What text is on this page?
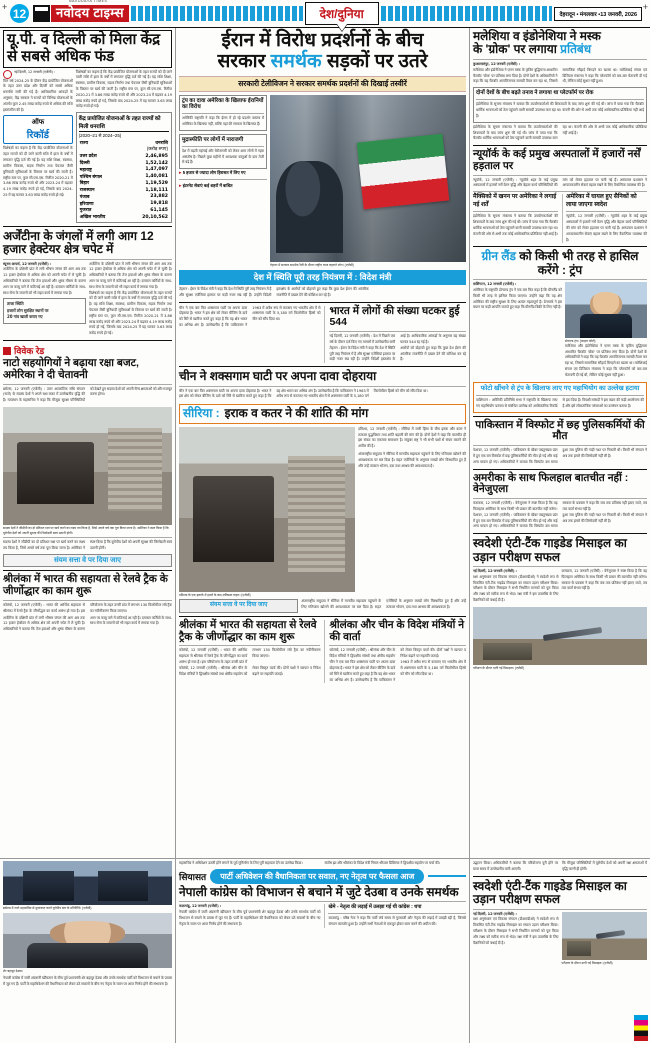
+ 12	नवोदय टाइम्स
NAVODAYA TIMES
देश/दुनिया	देहरादून • मंगलवार •13 जनवरी, 2026
+
यू.पी. व दिल्ली को मिला केंद्र से सबसे अधिक फंड
नई दिल्ली, 12 जनवरी (एजेंसी) :
वित्त वर्ष 2024-25 के दौरान केंद्र प्रायोजित योजनाओं के तहत उत्तर प्रदेश और दिल्ली को सबसे अधिक धनराशि जारी की गई है। आधिकारिक आंकड़ों के अनुसार, केंद्र सरकार ने राज्यों को विभिन्न योजनाओं के अंतर्गत कुल 2.45 लाख करोड़ रुपये से अधिक की राशि हस्तांतरित की है।
ऑफ
रिकॉर्ड
विशेषज्ञों का कहना है कि केंद्र प्रायोजित योजनाओं के तहत राज्यों को दी जाने वाली राशि में हाल के वर्षों में लगातार वृद्धि दर्ज की गई है। यह राशि शिक्षा, स्वास्थ्य, ग्रामीण विकास, सड़क निर्माण तथा पेयजल जैसी बुनियादी सुविधाओं के विस्तार पर खर्च की जाती है। राष्ट्रीय स्तर पर, कुल सी.एस.एस. रिलीज 2020-21 में 3.86 लाख करोड़ रुपये थी और 2023-24 में बढ़कर 4.19 लाख करोड़ रुपये हो गई, जिसके बाद 2024-25 में यह घटकर 3.63 लाख करोड़ रुपये हो गई।
विशेषज्ञों का कहना है कि केंद्र प्रायोजित योजनाओं के तहत राज्यों को दी जाने वाली राशि में हाल के वर्षों में लगातार वृद्धि दर्ज की गई है। यह राशि शिक्षा, स्वास्थ्य, ग्रामीण विकास, सड़क निर्माण तथा पेयजल जैसी बुनियादी सुविधाओं के विस्तार पर खर्च की जाती है। राष्ट्रीय स्तर पर, कुल सी.एस.एस. रिलीज 2020-21 में 3.86 लाख करोड़ रुपये थी और 2023-24 में बढ़कर 4.19 लाख करोड़ रुपये हो गई, जिसके बाद 2024-25 में यह घटकर 3.63 लाख करोड़ रुपये हो गई।
केंद्र प्रायोजित योजनाओं के तहत राज्यों को मिली धनराशि
(2020–21 से 2024–25)
राज्य	धनराशि
	(करोड़ रुपए)
उत्तर प्रदेश	2,46,895
दिल्ली	1,52,142
महाराष्ट्र	1,47,097
पश्चिम बंगाल	1,40,081
बिहार	1,19,529
राजस्थान	1,18,111
पंजाब	23,882
हरियाणा	19,818
गुजरात	61,145
अखिल भारतीय	20,10,562
अर्जेंटीना के जंगलों में लगी आग 12 हजार हेक्टेयर क्षेत्र चपेट में
ब्यूनस आयर्स, 12 जनवरी (एजेंसी) :
अर्जेंटीना के दक्षिणी प्रांत में लगी भीषण जंगल की आग अब तक 12 हजार हेक्टेयर से अधिक क्षेत्र को अपनी चपेट में ले चुकी है। अधिकारियों ने बताया कि तेज हवाओं और शुष्क मौसम के कारण आग पर काबू पाने में कठिनाई आ रही है। दमकल कर्मियों के साथ-साथ सेना के जवानों को भी राहत कार्य में लगाया गया है।
ताजा स्थिति
हजारों लोग सुरक्षित स्थानों पर
20 गांव खाली कराए गए
अर्जेंटीना के दक्षिणी प्रांत में लगी भीषण जंगल की आग अब तक 12 हजार हेक्टेयर से अधिक क्षेत्र को अपनी चपेट में ले चुकी है। अधिकारियों ने बताया कि तेज हवाओं और शुष्क मौसम के कारण आग पर काबू पाने में कठिनाई आ रही है। दमकल कर्मियों के साथ-साथ सेना के जवानों को भी राहत कार्य में लगाया गया है।
विशेषज्ञों का कहना है कि केंद्र प्रायोजित योजनाओं के तहत राज्यों को दी जाने वाली राशि में हाल के वर्षों में लगातार वृद्धि दर्ज की गई है। यह राशि शिक्षा, स्वास्थ्य, ग्रामीण विकास, सड़क निर्माण तथा पेयजल जैसी बुनियादी सुविधाओं के विस्तार पर खर्च की जाती है। राष्ट्रीय स्तर पर, कुल सी.एस.एस. रिलीज 2020-21 में 3.86 लाख करोड़ रुपये थी और 2023-24 में बढ़कर 4.19 लाख करोड़ रुपये हो गई, जिसके बाद 2024-25 में यह घटकर 3.63 लाख करोड़ रुपये हो गई।
विवेक रेड
नाटो सहयोगियों ने बढ़ाया रक्षा बजट, अमेरिका ने दी चेतावनी
ब्रसेल्स, 12 जनवरी (एजेंसी) : उत्तर अटलांटिक संधि संगठन (नाटो) के सदस्य देशों ने अपने रक्षा बजट में उल्लेखनीय वृद्धि की है। गठबंधन के महासचिव ने कहा कि मौजूदा सुरक्षा परिस्थितियों को देखते हुए सदस्य देशों को अपनी सैन्य क्षमताओं को और मजबूत करना होगा।
सदस्य देशों ने जीडीपी का दो प्रतिशत रक्षा पर खर्च करने का लक्ष्य तय किया है, जिसे अगले वर्ष तक पूरा किया जाना है। अमेरिका ने स्पष्ट किया है कि यूरोपीय देशों को अपनी सुरक्षा की जिम्मेदारी स्वयं उठानी होगी।
सदस्य देशों ने जीडीपी का दो प्रतिशत रक्षा पर खर्च करने का लक्ष्य तय किया है, जिसे अगले वर्ष तक पूरा किया जाना है। अमेरिका ने स्पष्ट किया है कि यूरोपीय देशों को अपनी सुरक्षा की जिम्मेदारी स्वयं उठानी होगी।
संयम सत्ता वे पर दिया जाए
श्रीलंका में भारत की सहायता से रेलवे ट्रैक के जीर्णोद्धार का काम शुरू
कोलंबो, 12 जनवरी (एजेंसी) : भारत की आर्थिक सहायता से श्रीलंका में रेलवे ट्रैक के जीर्णोद्धार का कार्य आरंभ हो गया है। इस परियोजना के तहत उत्तरी प्रांत में लगभग 130 किलोमीटर लंबे ट्रैक का नवीनीकरण किया जाएगा।
अर्जेंटीना के दक्षिणी प्रांत में लगी भीषण जंगल की आग अब तक 12 हजार हेक्टेयर से अधिक क्षेत्र को अपनी चपेट में ले चुकी है। अधिकारियों ने बताया कि तेज हवाओं और शुष्क मौसम के कारण आग पर काबू पाने में कठिनाई आ रही है। दमकल कर्मियों के साथ-साथ सेना के जवानों को भी राहत कार्य में लगाया गया है।
ईरान में विरोध प्रदर्शनों के बीच
सरकार समर्थक सड़कों पर उतरे
सरकारी टेलीविजन ने सरकार समर्थक प्रदर्शनों की दिखाई तस्वीरें
ट्रंप का दावा अमेरिका के खिलाफ ईरानियों का विरोध
अमेरिकी राष्ट्रपति ने कहा कि ईरान में हो रहे प्रदर्शन वास्तव में अमेरिका के खिलाफ नहीं, बल्कि वहां की सरकार के खिलाफ हैं।
मुद्रास्फीति पर लोगों में नाराजगी
देश में बढ़ती महंगाई और बेरोजगारी को लेकर आम लोगों में गहरा असंतोष है। पिछले कुछ महीनों में आवश्यक वस्तुओं के दाम तेजी से बढ़े हैं।
▸ 5 हजार से ज्यादा लोग हिरासत में लिए गए
▸ इंटरनेट सेवाएं कई शहरों में बाधित
तेहरान में सरकार समर्थक रैली के दौरान राष्ट्रीय ध्वज लहराते लोग। (एजेंसी)
देश में स्थिति पूरी तरह नियंत्रण में : विदेश मंत्री
तेहरान : ईरान के विदेश मंत्री ने कहा कि देश में स्थिति पूरी तरह नियंत्रण में है और सुरक्षा एजेंसियां हालात पर कड़ी नजर रख रही हैं। उन्होंने विदेशी हस्तक्षेप के आरोपों को दोहराते हुए कहा कि कुछ देश ईरान की आंतरिक राजनीति में दखल देने की कोशिश कर रहे हैं।
चीन ने एक बार फिर शक्सगाम घाटी पर अपना दावा दोहराया है। भारत ने इस क्षेत्र को लेकर बीजिंग के दावे को सिरे से खारिज करते हुए कहा है कि यह क्षेत्र भारत का अभिन्न अंग है। उल्लेखनीय है कि पाकिस्तान ने 1963 में अवैध रूप से कब्जाए गए भारतीय क्षेत्र में से शक्सगाम घाटी के 5,180 वर्ग किलोमीटर हिस्से को चीन को सौंप दिया था।
भारत में लोगों की संख्या घटकर हुई 544
नई दिल्ली, 12 जनवरी (एजेंसी) : देश में पिछले एक वर्ष के दौरान दर्ज किए गए मामलों में उल्लेखनीय कमी आई है। आधिकारिक आंकड़ों के अनुसार यह संख्या घटकर 544 रह गई है।
तेहरान : ईरान के विदेश मंत्री ने कहा कि देश में स्थिति पूरी तरह नियंत्रण में है और सुरक्षा एजेंसियां हालात पर कड़ी नजर रख रही हैं। उन्होंने विदेशी हस्तक्षेप के आरोपों को दोहराते हुए कहा कि कुछ देश ईरान की आंतरिक राजनीति में दखल देने की कोशिश कर रहे हैं।
चीन ने शक्सगाम घाटी पर अपना दावा दोहराया
चीन ने एक बार फिर शक्सगाम घाटी पर अपना दावा दोहराया है। भारत ने इस क्षेत्र को लेकर बीजिंग के दावे को सिरे से खारिज करते हुए कहा है कि यह क्षेत्र भारत का अभिन्न अंग है। उल्लेखनीय है कि पाकिस्तान ने 1963 में अवैध रूप से कब्जाए गए भारतीय क्षेत्र में से शक्सगाम घाटी के 5,180 वर्ग किलोमीटर हिस्से को चीन को सौंप दिया था।
सीरिया : इराक व कतर ने की शांति की मांग
दमिश्क के एक इलाके में हमले के बाद क्षतिग्रस्त वाहन। (एजेंसी)
दमिश्क, 12 जनवरी (एजेंसी) : सीरिया में जारी हिंसा के बीच इराक और कतर ने तत्काल युद्धविराम तथा शांति बहाली की मांग की है। दोनों देशों ने कहा कि बातचीत ही इस संकट का एकमात्र समाधान है। संयुक्त राष्ट्र ने भी सभी पक्षों से संयम बरतने की अपील की है।
अंतरराष्ट्रीय समुदाय ने सीरिया में मानवीय सहायता पहुंचाने के लिए गलियारा खोलने की आवश्यकता पर बल दिया है। राहत एजेंसियों के अनुसार लाखों लोग विस्थापित हुए हैं और उन्हें तत्काल भोजन, दवा तथा आश्रय की आवश्यकता है।
संयम सत्ता वे पर दिया जाए
अंतरराष्ट्रीय समुदाय ने सीरिया में मानवीय सहायता पहुंचाने के लिए गलियारा खोलने की आवश्यकता पर बल दिया है। राहत एजेंसियों के अनुसार लाखों लोग विस्थापित हुए हैं और उन्हें तत्काल भोजन, दवा तथा आश्रय की आवश्यकता है।
श्रीलंका में भारत की सहायता से रेलवे ट्रैक के जीर्णोद्धार का काम शुरू
कोलंबो, 12 जनवरी (एजेंसी) : भारत की आर्थिक सहायता से श्रीलंका में रेलवे ट्रैक के जीर्णोद्धार का कार्य आरंभ हो गया है। इस परियोजना के तहत उत्तरी प्रांत में लगभग 130 किलोमीटर लंबे ट्रैक का नवीनीकरण किया जाएगा।
कोलंबो, 12 जनवरी (एजेंसी) : श्रीलंका और चीन के विदेश मंत्रियों ने द्विपक्षीय संबंधों तथा क्षेत्रीय सहयोग को लेकर विस्तृत वार्ता की। दोनों पक्षों ने व्यापार व निवेश बढ़ाने पर सहमति जताई।
श्रीलंका और चीन के विदेश मंत्रियों ने की वार्ता
कोलंबो, 12 जनवरी (एजेंसी) : श्रीलंका और चीन के विदेश मंत्रियों ने द्विपक्षीय संबंधों तथा क्षेत्रीय सहयोग को लेकर विस्तृत वार्ता की। दोनों पक्षों ने व्यापार व निवेश बढ़ाने पर सहमति जताई।
चीन ने एक बार फिर शक्सगाम घाटी पर अपना दावा दोहराया है। भारत ने इस क्षेत्र को लेकर बीजिंग के दावे को सिरे से खारिज करते हुए कहा है कि यह क्षेत्र भारत का अभिन्न अंग है। उल्लेखनीय है कि पाकिस्तान ने 1963 में अवैध रूप से कब्जाए गए भारतीय क्षेत्र में से शक्सगाम घाटी के 5,180 वर्ग किलोमीटर हिस्से को चीन को सौंप दिया था।
मलेशिया व इंडोनेशिया ने मस्क
के 'ग्रोक' पर लगाया प्रतिबंध
कुआलालंपुर, 12 जनवरी (एजेंसी) :
मलेशिया और इंडोनेशिया ने एलन मस्क के कृत्रिम बुद्धिमत्ता आधारित चैटबॉट 'ग्रोक' पर प्रतिबंध लगा दिया है। दोनों देशों के अधिकारियों ने कहा कि यह चैटबॉट आपत्तिजनक सामग्री तैयार कर रहा था, जिससे सामाजिक सौहार्द बिगड़ने का खतरा था। मलेशियाई संचार एवं डिजिटल मंत्रालय ने कहा कि प्लेटफॉर्म को बार-बार चेतावनी दी गई थी, लेकिन कोई सुधार नहीं हुआ।
दोनों देशों के बीच बढ़ते तनाव ने लगाया था प्लेटफॉर्म पर रोक
इंडोनेशिया के सूचना मंत्रालय ने बताया कि उपयोगकर्ताओं की शिकायतों के बाद जांच शुरू की गई थी। जांच में पाया गया कि चैटबॉट धार्मिक भावनाओं को ठेस पहुंचाने वाली सामग्री उपलब्ध करा रहा था। कंपनी की ओर से अभी तक कोई आधिकारिक प्रतिक्रिया नहीं आई है।
इंडोनेशिया के सूचना मंत्रालय ने बताया कि उपयोगकर्ताओं की शिकायतों के बाद जांच शुरू की गई थी। जांच में पाया गया कि चैटबॉट धार्मिक भावनाओं को ठेस पहुंचाने वाली सामग्री उपलब्ध करा रहा था। कंपनी की ओर से अभी तक कोई आधिकारिक प्रतिक्रिया नहीं आई है।
न्यूयॉर्क के कई प्रमुख अस्पतालों में हजारों नर्सें हड़ताल पर
न्यूयॉर्क, 12 जनवरी (एजेंसी) : न्यूयॉर्क शहर के कई प्रमुख अस्पतालों में हजारों नर्सें वेतन वृद्धि और बेहतर कार्य परिस्थितियों की मांग को लेकर हड़ताल पर चली गई हैं। अस्पताल प्रशासन ने आपातकालीन सेवाएं बहाल रखने के लिए वैकल्पिक व्यवस्था की है।
मैक्सिको में खनन पर अमेरिका ने लगाई नई शर्तें
इंडोनेशिया के सूचना मंत्रालय ने बताया कि उपयोगकर्ताओं की शिकायतों के बाद जांच शुरू की गई थी। जांच में पाया गया कि चैटबॉट धार्मिक भावनाओं को ठेस पहुंचाने वाली सामग्री उपलब्ध करा रहा था। कंपनी की ओर से अभी तक कोई आधिकारिक प्रतिक्रिया नहीं आई है।
अमेरिका में घायल हुए सैनिकों को लाया जाएगा स्वदेश
न्यूयॉर्क, 12 जनवरी (एजेंसी) : न्यूयॉर्क शहर के कई प्रमुख अस्पतालों में हजारों नर्सें वेतन वृद्धि और बेहतर कार्य परिस्थितियों की मांग को लेकर हड़ताल पर चली गई हैं। अस्पताल प्रशासन ने आपातकालीन सेवाएं बहाल रखने के लिए वैकल्पिक व्यवस्था की है।
ग्रीन लैंड को किसी भी तरह से हासिल करेंगे : ट्रंप
वाशिंगटन, 12 जनवरी (एजेंसी) :
अमेरिका के राष्ट्रपति डोनाल्ड ट्रंप ने एक बार फिर कहा है कि ग्रीनलैंड को किसी भी तरह से हासिल किया जाएगा। उन्होंने कहा कि यह क्षेत्र अमेरिका की राष्ट्रीय सुरक्षा के लिए अत्यंत महत्वपूर्ण है। डेनमार्क ने इस बयान पर कड़ी आपत्ति जताते हुए कहा कि ग्रीनलैंड बिक्री के लिए नहीं है।
डोनाल्ड ट्रंप। (फाइल फोटो)
मलेशिया और इंडोनेशिया ने एलन मस्क के कृत्रिम बुद्धिमत्ता आधारित चैटबॉट 'ग्रोक' पर प्रतिबंध लगा दिया है। दोनों देशों के अधिकारियों ने कहा कि यह चैटबॉट आपत्तिजनक सामग्री तैयार कर रहा था, जिससे सामाजिक सौहार्द बिगड़ने का खतरा था। मलेशियाई संचार एवं डिजिटल मंत्रालय ने कहा कि प्लेटफॉर्म को बार-बार चेतावनी दी गई थी, लेकिन कोई सुधार नहीं हुआ।
फोटो खींचने से ट्रंप के खिलाफ लाए गए महाभियोग का उल्लेख हटाया
वाशिंगटन : अमेरिकी प्रतिनिधि सभा ने राष्ट्रपति के खिलाफ लाए गए महाभियोग प्रस्ताव से संबंधित उल्लेख को आधिकारिक रिकॉर्ड से हटा दिया है। विपक्षी सांसदों ने इस कदम की कड़ी आलोचना की है और इसे लोकतांत्रिक परंपराओं का उल्लंघन बताया है।
पाकिस्तान में विस्फोट में छह पुलिसकर्मियों की मौत
पेशावर, 12 जनवरी (एजेंसी) : पाकिस्तान के खैबर पख्तूनख्वा प्रांत में हुए एक बम विस्फोट में छह पुलिसकर्मियों की मौत हो गई और कई अन्य घायल हो गए। अधिकारियों ने बताया कि विस्फोट उस समय हुआ जब पुलिस की गाड़ी गश्त पर निकली थी। किसी भी संगठन ने अब तक हमले की जिम्मेदारी नहीं ली है।
अमरीका के साथ फिलहाल बातचीत नहीं : वेनेजुएला
कराकस, 12 जनवरी (एजेंसी) : वेनेजुएला ने स्पष्ट किया है कि वह फिलहाल अमेरिका के साथ किसी भी प्रकार की बातचीत नहीं करेगा। सरकार के प्रवक्ता ने कहा कि जब तक प्रतिबंध नहीं हटाए जाते, तब तक वार्ता संभव नहीं है।
पेशावर, 12 जनवरी (एजेंसी) : पाकिस्तान के खैबर पख्तूनख्वा प्रांत में हुए एक बम विस्फोट में छह पुलिसकर्मियों की मौत हो गई और कई अन्य घायल हो गए। अधिकारियों ने बताया कि विस्फोट उस समय हुआ जब पुलिस की गाड़ी गश्त पर निकली थी। किसी भी संगठन ने अब तक हमले की जिम्मेदारी नहीं ली है।
स्वदेशी एंटी-टैंक गाइडेड मिसाइल का उड़ान परीक्षण सफल
नई दिल्ली, 12 जनवरी (एजेंसी) :
रक्षा अनुसंधान एवं विकास संगठन (डीआरडीओ) ने स्वदेशी रूप से विकसित एंटी-टैंक गाइडेड मिसाइल का सफल उड़ान परीक्षण किया। परीक्षण के दौरान मिसाइल ने सभी निर्धारित मानकों को पूरा किया और लक्ष्य को सटीक रूप से भेदा। रक्षा मंत्री ने इस उपलब्धि के लिए वैज्ञानिकों को बधाई दी है।
कराकस, 12 जनवरी (एजेंसी) : वेनेजुएला ने स्पष्ट किया है कि वह फिलहाल अमेरिका के साथ किसी भी प्रकार की बातचीत नहीं करेगा। सरकार के प्रवक्ता ने कहा कि जब तक प्रतिबंध नहीं हटाए जाते, तब तक वार्ता संभव नहीं है।
परीक्षण के दौरान दागी गई मिसाइल। (एजेंसी)
ब्रसेल्स में नाटो महासचिव से मुलाकात करते यूरोपीय संघ के प्रतिनिधि। (एजेंसी)
शेर बहादुर देउबा।
नेपाली कांग्रेस में जारी अंदरूनी खींचतान के बीच पूर्व प्रधानमंत्री शेर बहादुर देउबा और उनके समर्थक पार्टी को विभाजन से बचाने के प्रयास में जुट गए हैं। पार्टी के महाधिवेशन की वैधानिकता को लेकर उठे सवालों के बीच नए नेतृत्व के चयन पर आज निर्णय होने की संभावना है।
महासचिव ने अधिवेशन उतारी होने लगाने के पूर्व मुनिर्माण के लिए पूरी सहायता देने का उल्लेख किया।	संतोष झा और श्रीलंका के विदेश मंत्री निमल श्रीपाल डिसिल्वा ने द्विपक्षीय सहयोग पर चर्चा की।
सियासत	पार्टी अधिवेशन की वैधानिकता पर सवाल, नए नेतृत्व पर फैसला आज
नेपाली कांग्रेस को विभाजन से बचाने में जुटे देउबा व उनके समर्थक
काठमांडू, 12 जनवरी (एजेंसी) :
नेपाली कांग्रेस में जारी अंदरूनी खींचतान के बीच पूर्व प्रधानमंत्री शेर बहादुर देउबा और उनके समर्थक पार्टी को विभाजन से बचाने के प्रयास में जुट गए हैं। पार्टी के महाधिवेशन की वैधानिकता को लेकर उठे सवालों के बीच नए नेतृत्व के चयन पर आज निर्णय होने की संभावना है।
खेमे - नेतृत्व की लड़ाई में उलझा गई थी कांग्रेस : थपा
काठमांडू : वरिष्ठ नेता ने कहा कि पार्टी लंबे समय से गुटबाजी और नेतृत्व की लड़ाई में उलझी रही है, जिससे संगठन कमजोर हुआ है। उन्होंने सभी नेताओं से एकजुट होकर काम करने की अपील की।
उद्घाटन किया। अधिकारियों ने बताया कि परियोजना पूरी होने पर यात्रा समय में उल्लेखनीय कमी आएगी।
कि मौजूदा परिस्थितियों में यूरोपीय देशों को अपनी रक्षा क्षमताओं में वृद्धि करनी ही होगी।
स्वदेशी एंटी-टैंक गाइडेड मिसाइल का उड़ान परीक्षण सफल
नई दिल्ली, 12 जनवरी (एजेंसी) :
रक्षा अनुसंधान एवं विकास संगठन (डीआरडीओ) ने स्वदेशी रूप से विकसित एंटी-टैंक गाइडेड मिसाइल का सफल उड़ान परीक्षण किया। परीक्षण के दौरान मिसाइल ने सभी निर्धारित मानकों को पूरा किया और लक्ष्य को सटीक रूप से भेदा। रक्षा मंत्री ने इस उपलब्धि के लिए वैज्ञानिकों को बधाई दी है।
परीक्षण के दौरान दागी गई मिसाइल। (एजेंसी)
